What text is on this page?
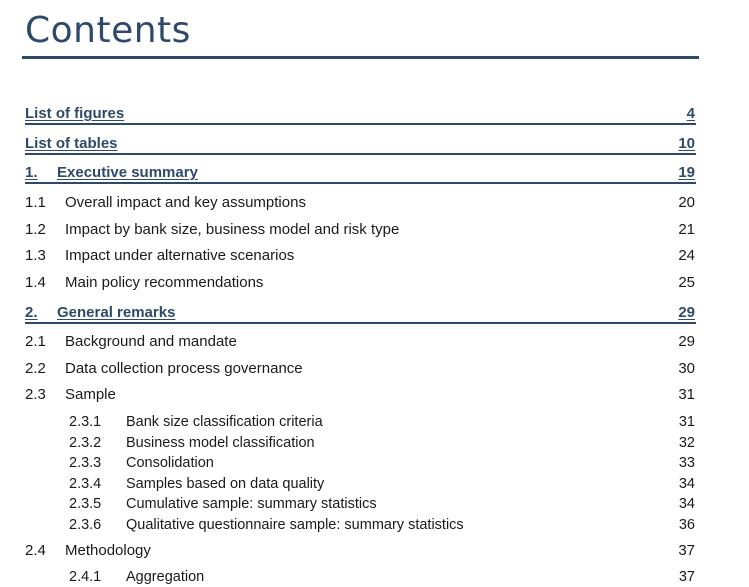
Contents
List of figures	4
List of tables	10
1. Executive summary	19
1.1 Overall impact and key assumptions	20
1.2 Impact by bank size, business model and risk type	21
1.3 Impact under alternative scenarios	24
1.4 Main policy recommendations	25
2. General remarks	29
2.1 Background and mandate	29
2.2 Data collection process governance	30
2.3 Sample	31
2.3.1 Bank size classification criteria	31
2.3.2 Business model classification	32
2.3.3 Consolidation	33
2.3.4 Samples based on data quality	34
2.3.5 Cumulative sample: summary statistics	34
2.3.6 Qualitative questionnaire sample: summary statistics	36
2.4 Methodology	37
2.4.1 Aggregation	37
